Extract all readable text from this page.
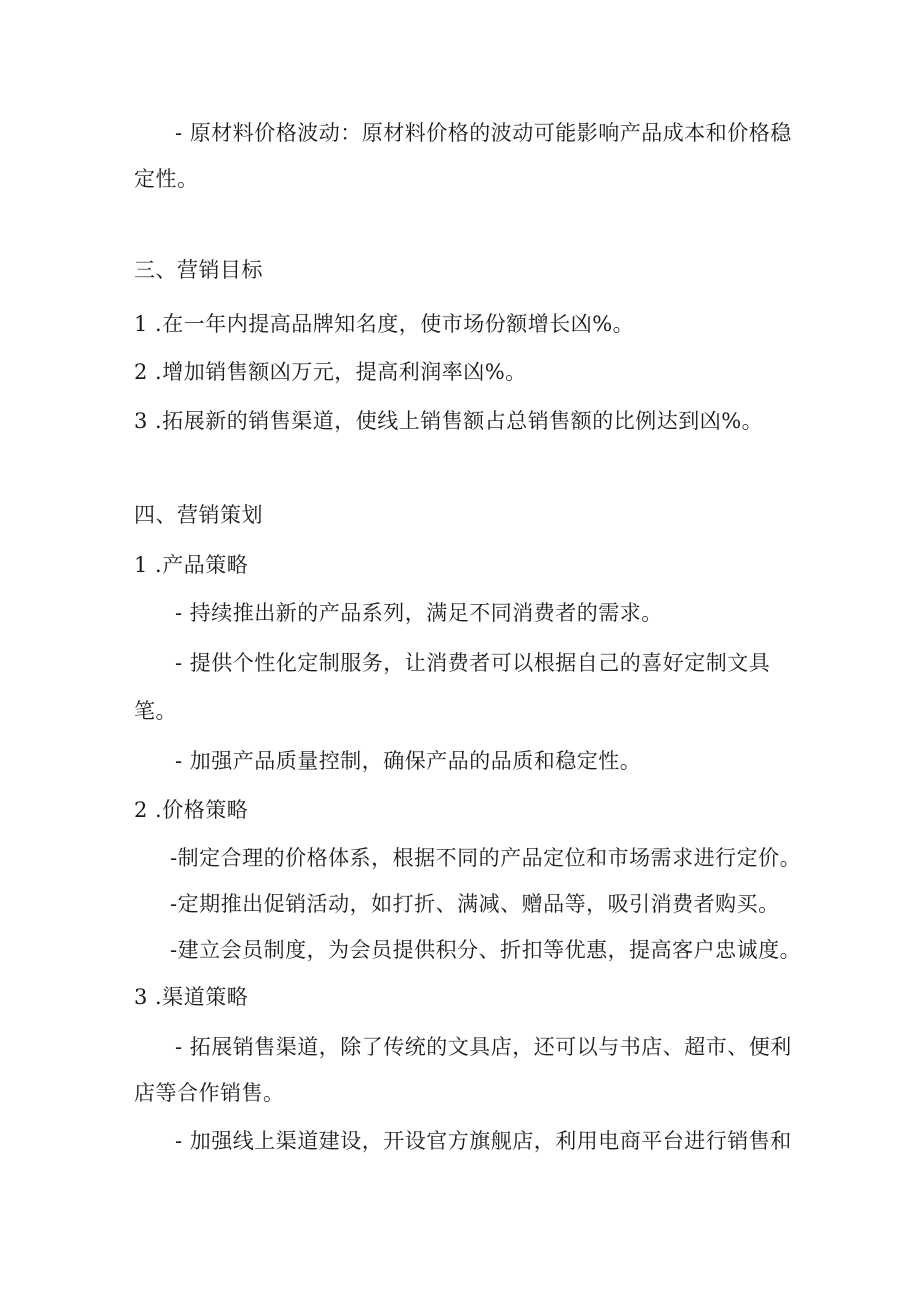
- 原材料价格波动：原材料价格的波动可能影响产品成本和价格稳
定性。
三、营销目标
1 .在一年内提高品牌知名度，使市场份额增长凶%。
2 .增加销售额凶万元，提高利润率凶%。
3 .拓展新的销售渠道，使线上销售额占总销售额的比例达到凶%。
四、营销策划
1 .产品策略
- 持续推出新的产品系列，满足不同消费者的需求。
- 提供个性化定制服务，让消费者可以根据自己的喜好定制文具
笔。
- 加强产品质量控制，确保产品的品质和稳定性。
2 .价格策略
-制定合理的价格体系，根据不同的产品定位和市场需求进行定价。
-定期推出促销活动，如打折、满减、赠品等，吸引消费者购买。
-建立会员制度，为会员提供积分、折扣等优惠，提高客户忠诚度。
3 .渠道策略
- 拓展销售渠道，除了传统的文具店，还可以与书店、超市、便利
店等合作销售。
- 加强线上渠道建设，开设官方旗舰店，利用电商平台进行销售和
